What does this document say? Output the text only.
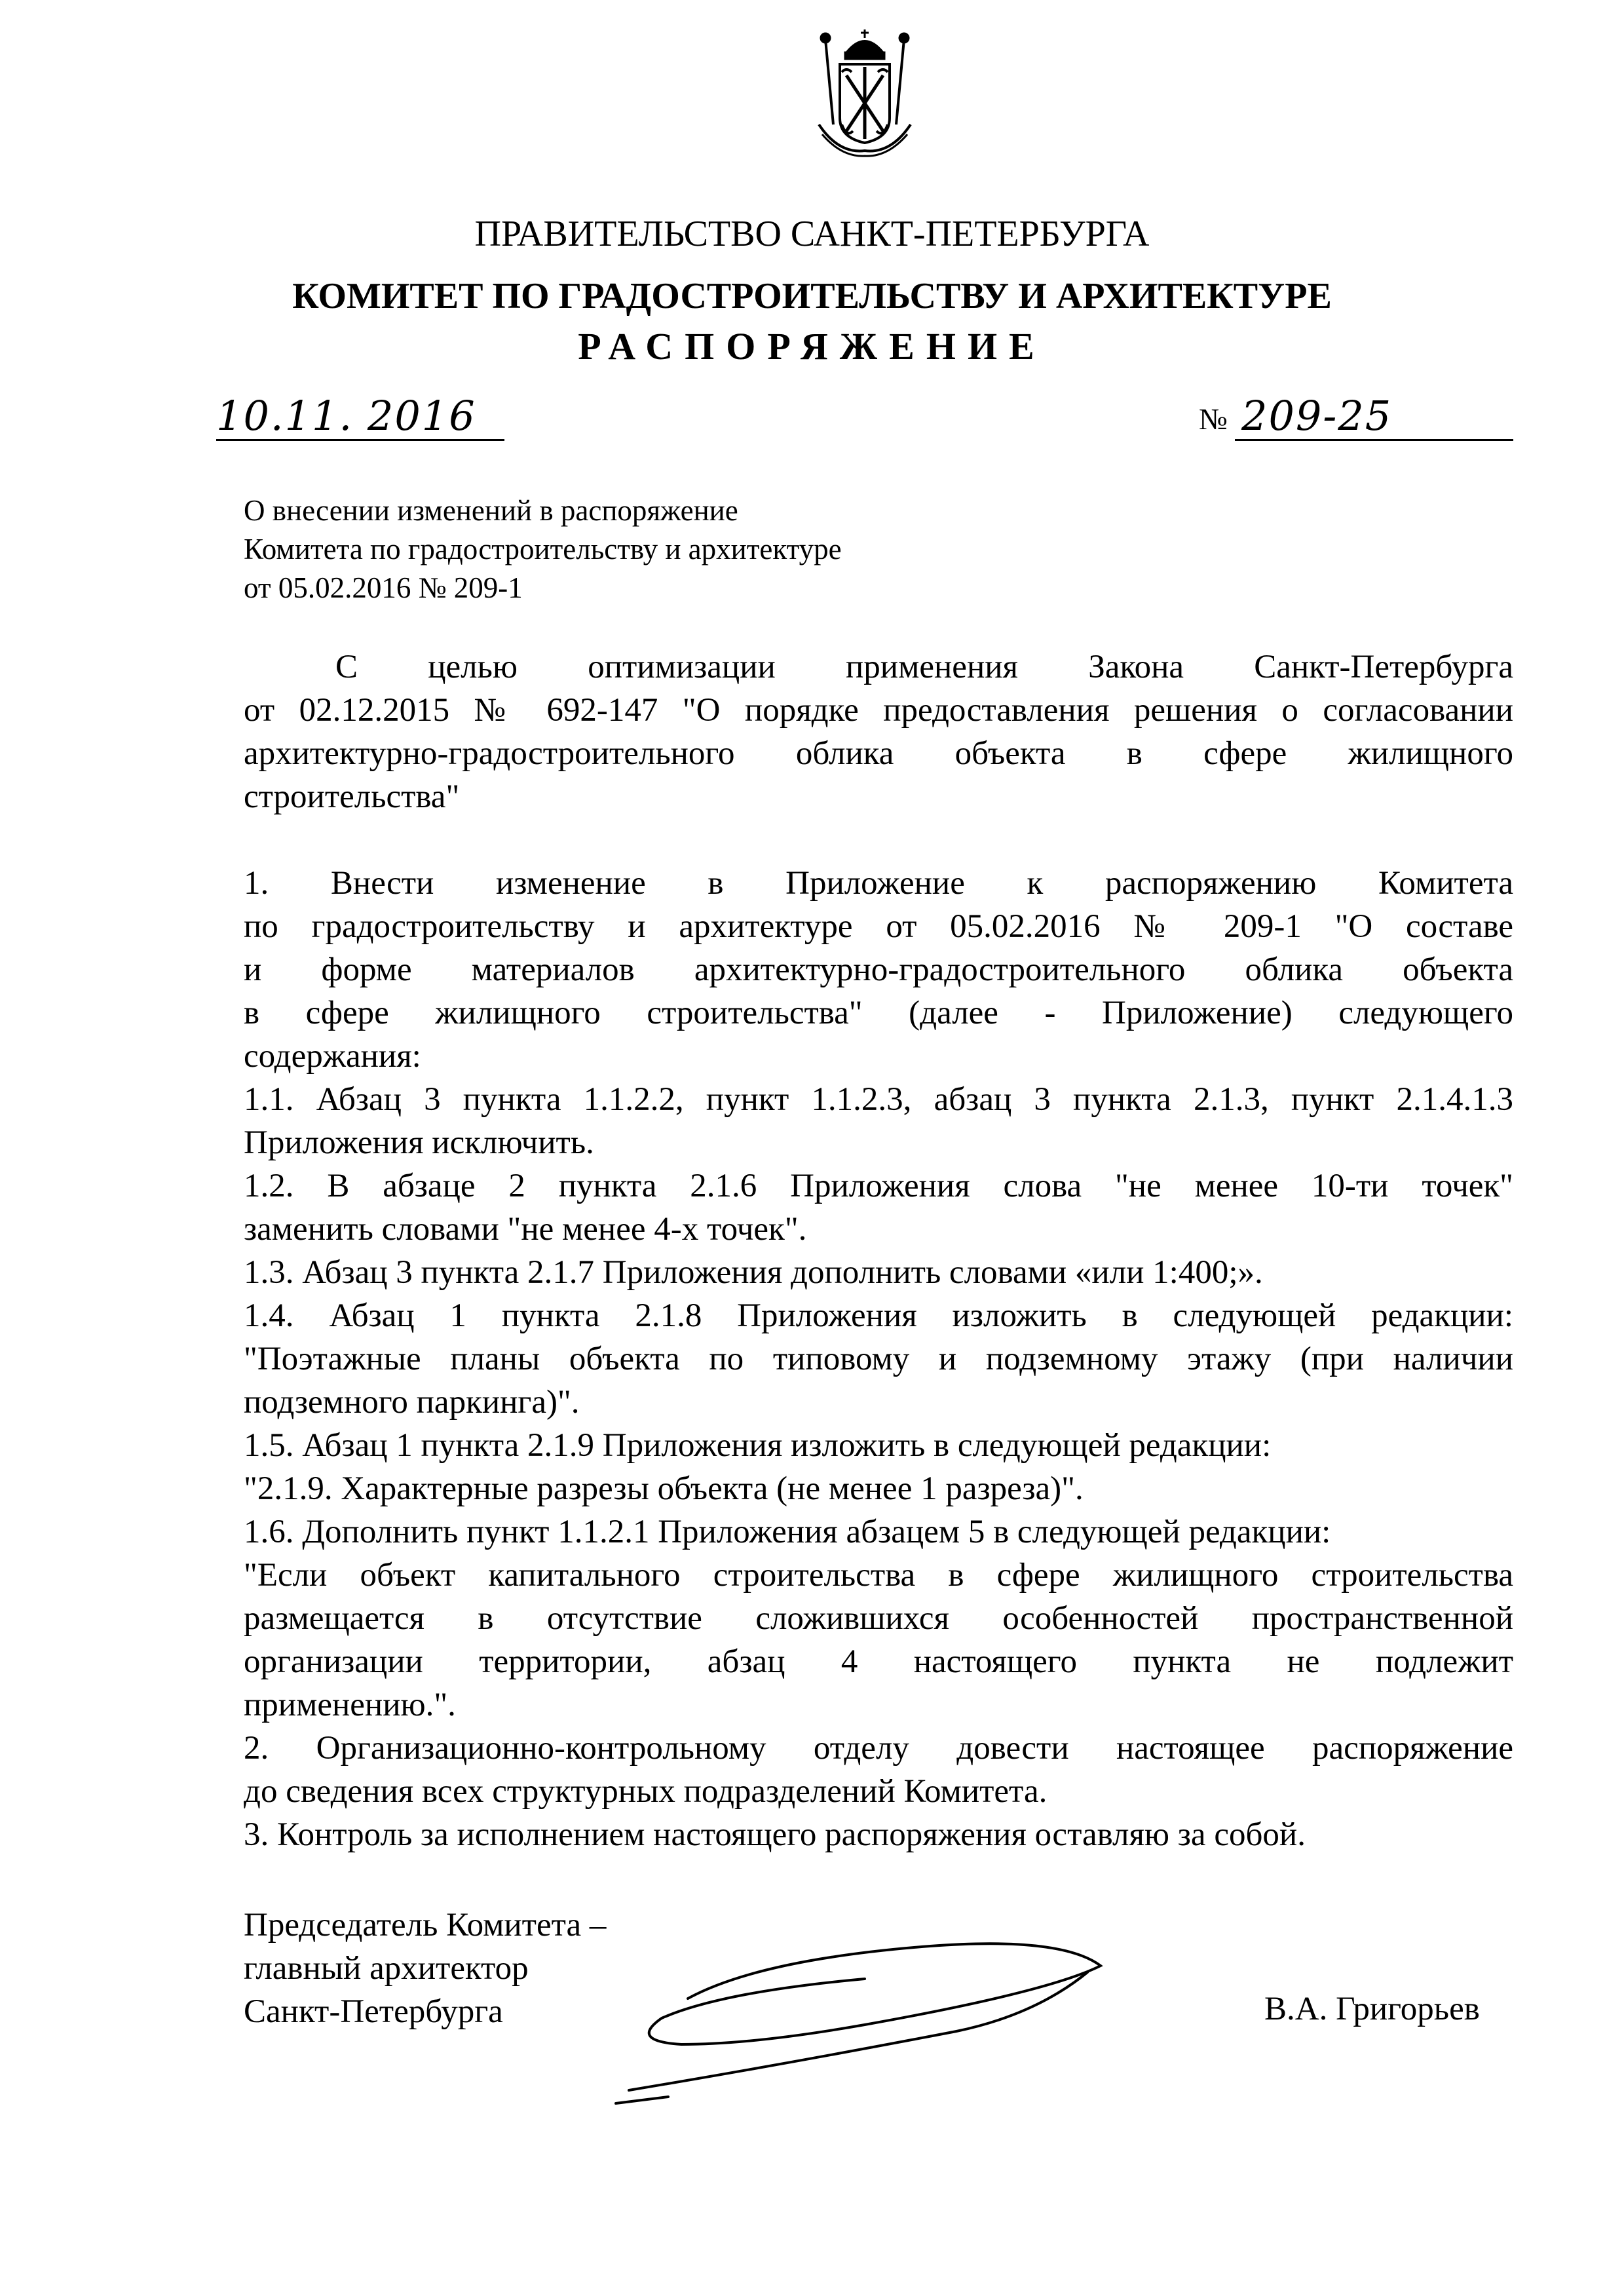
ПРАВИТЕЛЬСТВО САНКТ-ПЕТЕРБУРГА
КОМИТЕТ ПО ГРАДОСТРОИТЕЛЬСТВУ И АРХИТЕКТУРЕ
РАСПОРЯЖЕНИЕ
10.11. 2016	№ 209-25
О внесении изменений в распоряжение
Комитета по градостроительству и архитектуре
от 05.02.2016 № 209-1
С целью оптимизации применения Закона Санкт-Петербурга
от 02.12.2015 № 692-147 "О порядке предоставления решения о согласовании
архитектурно-градостроительного облика объекта в сфере жилищного
строительства"
1. Внести изменение в Приложение к распоряжению Комитета
по градостроительству и архитектуре от 05.02.2016 № 209-1 "О составе
и форме материалов архитектурно-градостроительного облика объекта
в сфере жилищного строительства" (далее - Приложение) следующего
содержания:
1.1. Абзац 3 пункта 1.1.2.2, пункт 1.1.2.3, абзац 3 пункта 2.1.3, пункт 2.1.4.1.3
Приложения исключить.
1.2. В абзаце 2 пункта 2.1.6 Приложения слова "не менее 10-ти точек"
заменить словами "не менее 4-х точек".
1.3. Абзац 3 пункта 2.1.7 Приложения дополнить словами «или 1:400;».
1.4. Абзац 1 пункта 2.1.8 Приложения изложить в следующей редакции:
"Поэтажные планы объекта по типовому и подземному этажу (при наличии
подземного паркинга)".
1.5. Абзац 1 пункта 2.1.9 Приложения изложить в следующей редакции:
"2.1.9. Характерные разрезы объекта (не менее 1 разреза)".
1.6. Дополнить пункт 1.1.2.1 Приложения абзацем 5 в следующей редакции:
"Если объект капитального строительства в сфере жилищного строительства
размещается в отсутствие сложившихся особенностей пространственной
организации территории, абзац 4 настоящего пункта не подлежит
применению.".
2. Организационно-контрольному отделу довести настоящее распоряжение
до сведения всех структурных подразделений Комитета.
3. Контроль за исполнением настоящего распоряжения оставляю за собой.
Председатель Комитета –
главный архитектор
Санкт-Петербурга	В.А. Григорьев
